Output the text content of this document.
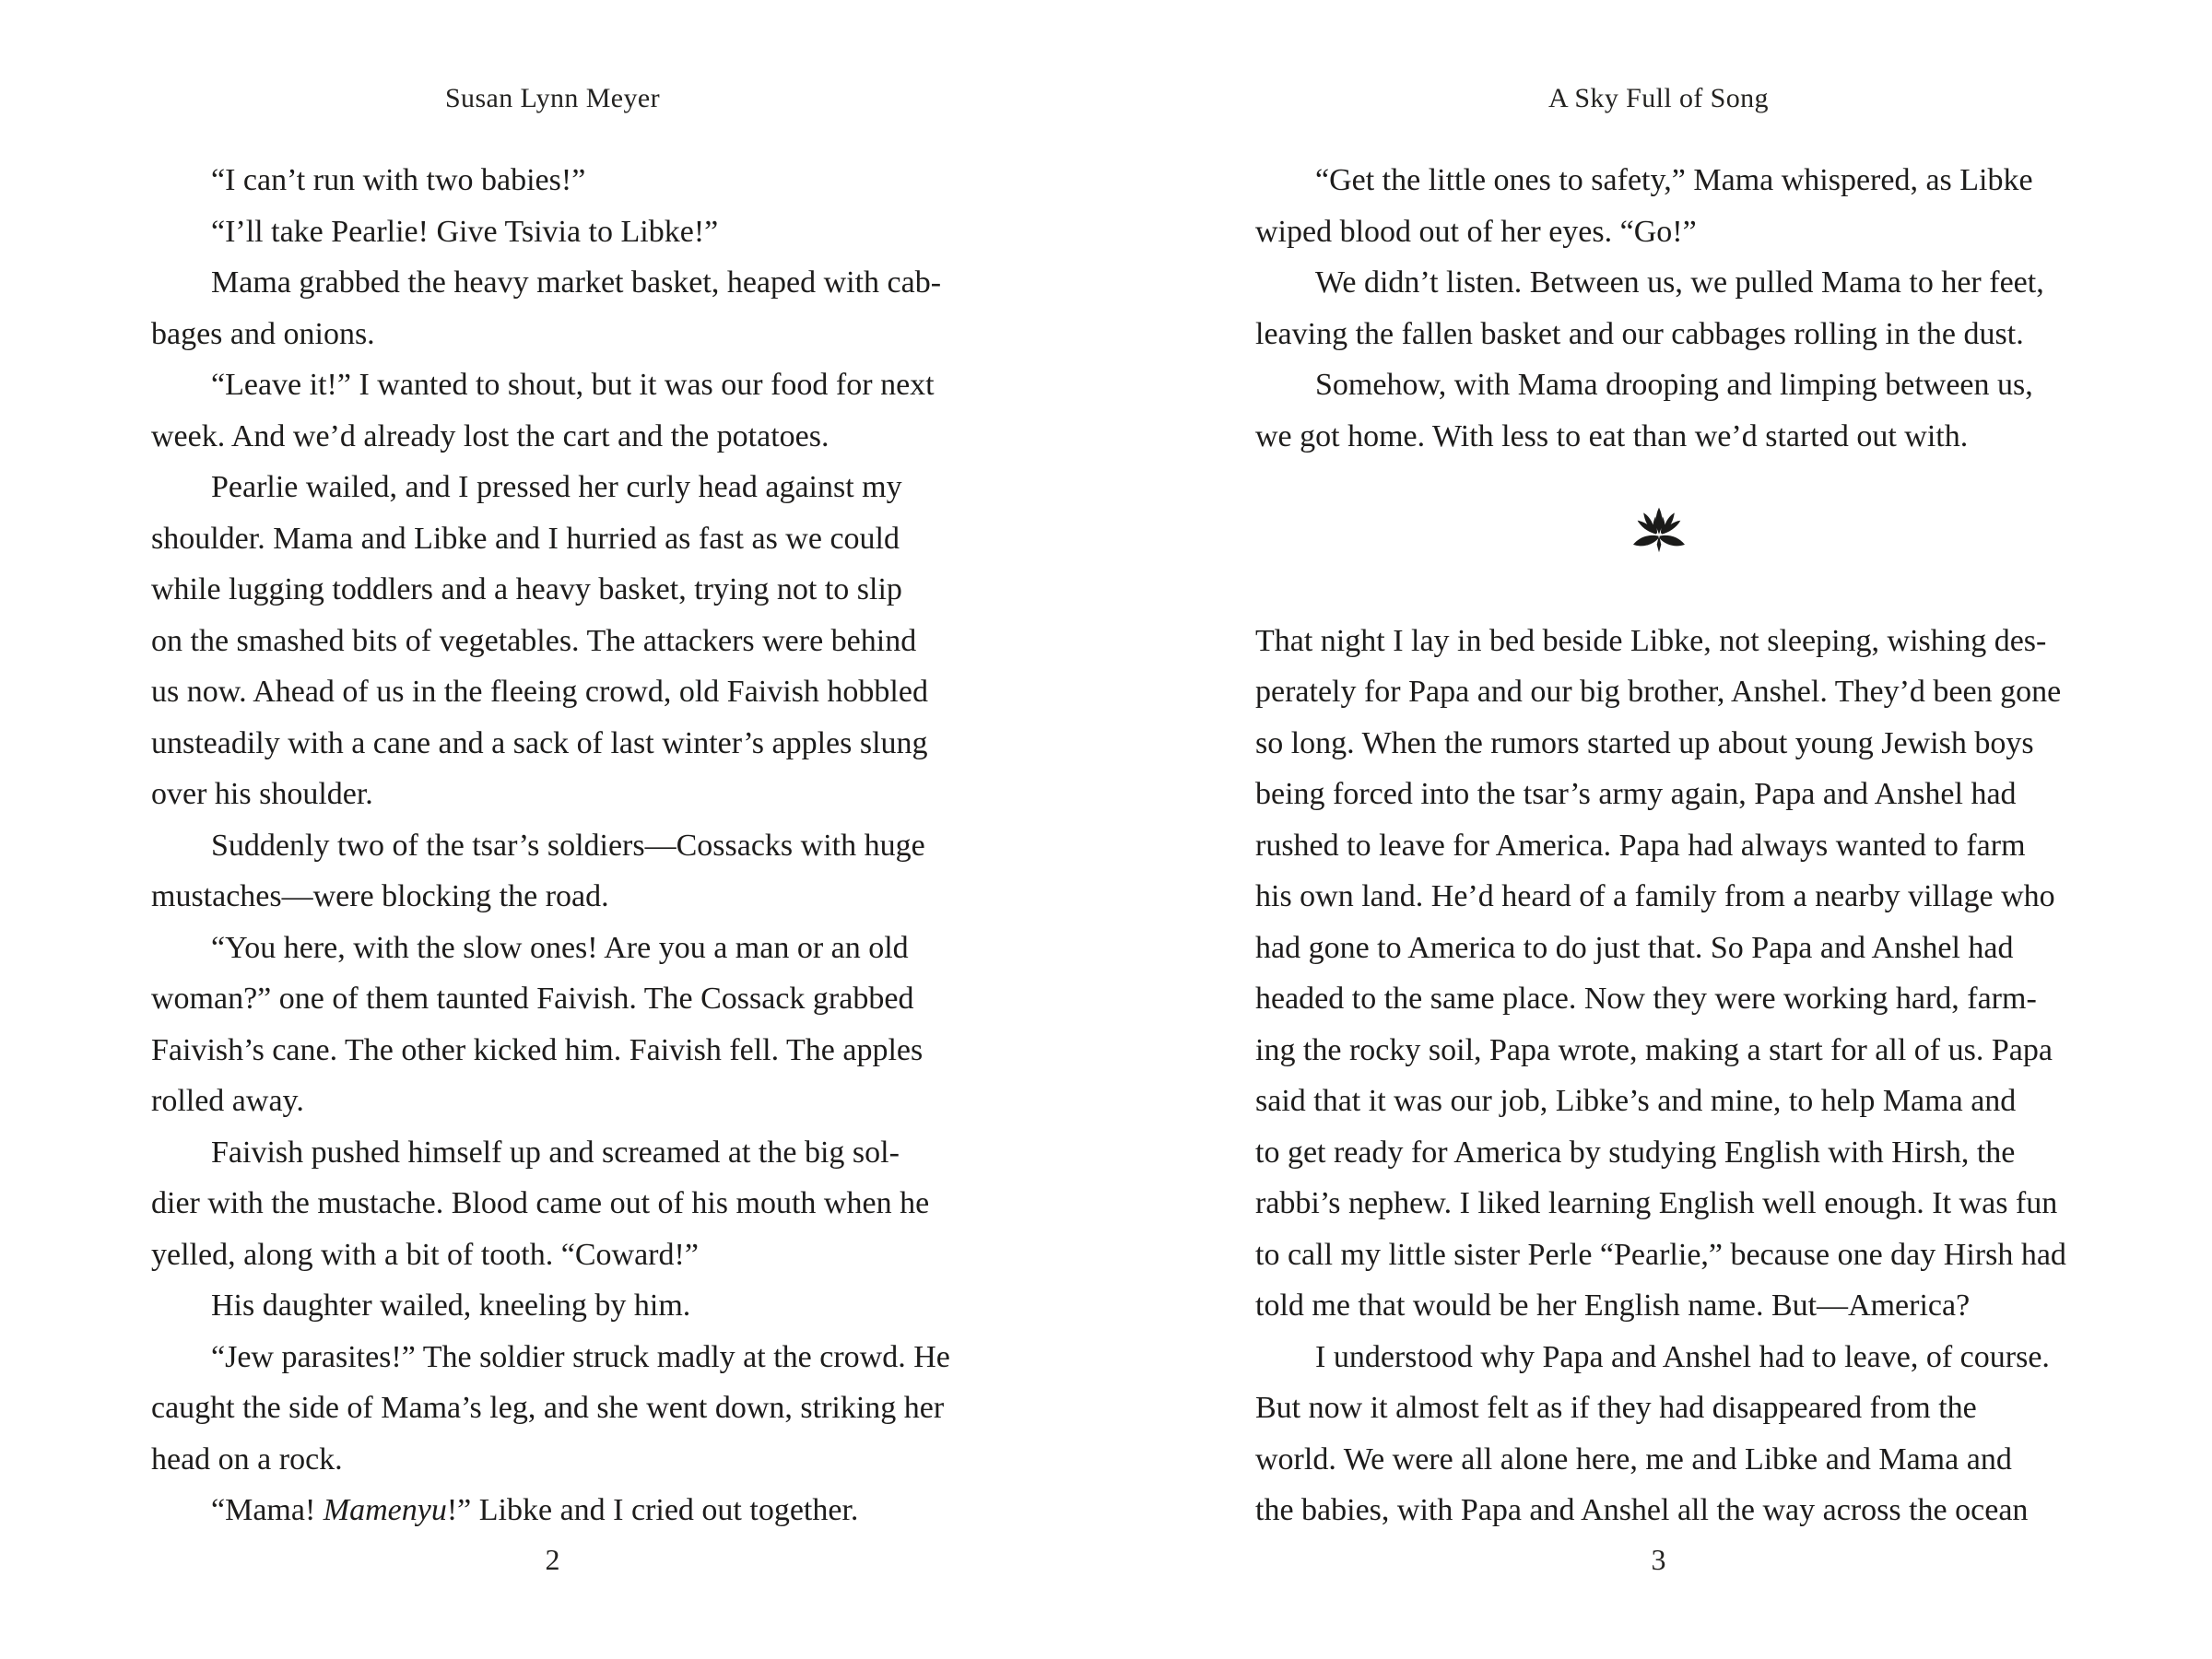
Susan Lynn Meyer
“I can’t run with two babies!”
“I’ll take Pearlie! Give Tsivia to Libke!”
Mama grabbed the heavy market basket, heaped with cab-
bages and onions.
“Leave it!” I wanted to shout, but it was our food for next
week. And we’d already lost the cart and the potatoes.
Pearlie wailed, and I pressed her curly head against my
shoulder. Mama and Libke and I hurried as fast as we could
while lugging toddlers and a heavy basket, trying not to slip
on the smashed bits of vegetables. The attackers were behind
us now. Ahead of us in the fleeing crowd, old Faivish hobbled
unsteadily with a cane and a sack of last winter’s apples slung
over his shoulder.
Suddenly two of the tsar’s soldiers—Cossacks with huge
mustaches—were blocking the road.
“You here, with the slow ones! Are you a man or an old
woman?” one of them taunted Faivish. The Cossack grabbed
Faivish’s cane. The other kicked him. Faivish fell. The apples
rolled away.
Faivish pushed himself up and screamed at the big sol-
dier with the mustache. Blood came out of his mouth when he
yelled, along with a bit of tooth. “Coward!”
His daughter wailed, kneeling by him.
“Jew parasites!” The soldier struck madly at the crowd. He
caught the side of Mama’s leg, and she went down, striking her
head on a rock.
“Mama! Mamenyu!” Libke and I cried out together.
2
A Sky Full of Song
“Get the little ones to safety,” Mama whispered, as Libke
wiped blood out of her eyes. “Go!”
We didn’t listen. Between us, we pulled Mama to her feet,
leaving the fallen basket and our cabbages rolling in the dust.
Somehow, with Mama drooping and limping between us,
we got home. With less to eat than we’d started out with.
That night I lay in bed beside Libke, not sleeping, wishing des-
perately for Papa and our big brother, Anshel. They’d been gone
so long. When the rumors started up about young Jewish boys
being forced into the tsar’s army again, Papa and Anshel had
rushed to leave for America. Papa had always wanted to farm
his own land. He’d heard of a family from a nearby village who
had gone to America to do just that. So Papa and Anshel had
headed to the same place. Now they were working hard, farm-
ing the rocky soil, Papa wrote, making a start for all of us. Papa
said that it was our job, Libke’s and mine, to help Mama and
to get ready for America by studying English with Hirsh, the
rabbi’s nephew. I liked learning English well enough. It was fun
to call my little sister Perle “Pearlie,” because one day Hirsh had
told me that would be her English name. But—America?
I understood why Papa and Anshel had to leave, of course.
But now it almost felt as if they had disappeared from the
world. We were all alone here, me and Libke and Mama and
the babies, with Papa and Anshel all the way across the ocean
3
